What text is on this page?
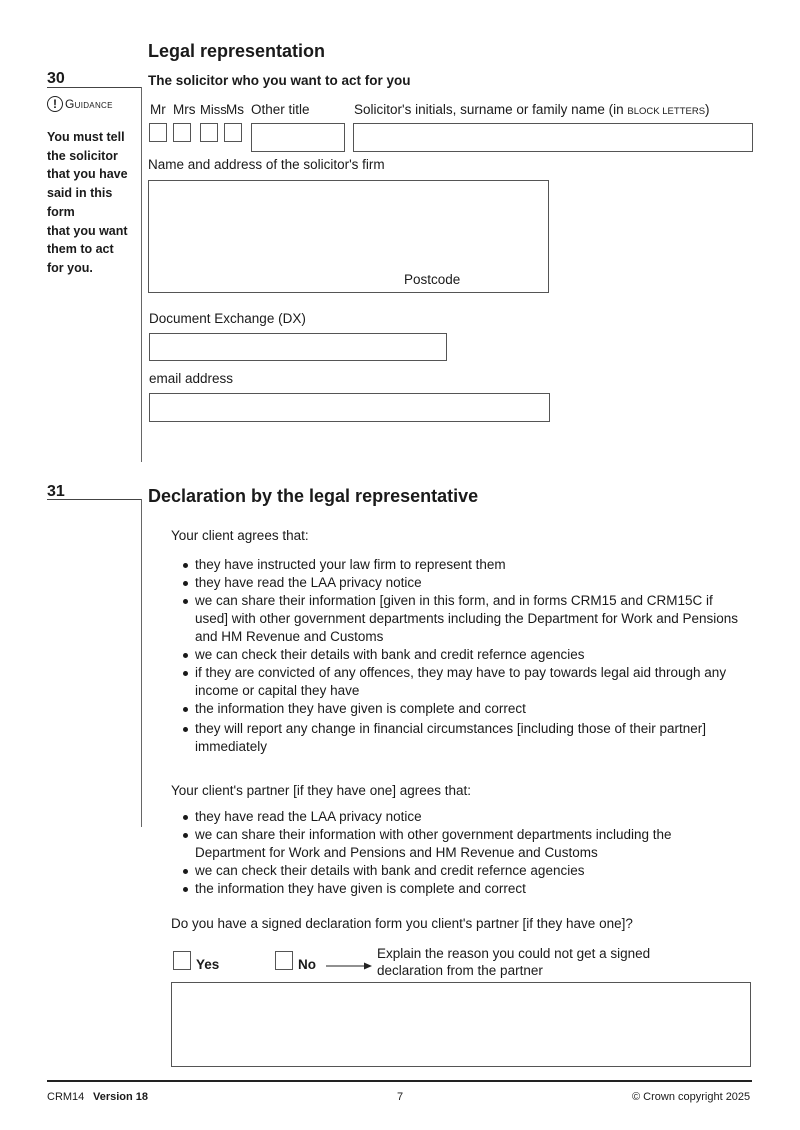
30
Legal representation
The solicitor who you want to act for you
! Guidance
You must tell
the solicitor
that you have
said in this form
that you want
them to act
for you.
Mr Mrs Miss Ms Other title	Solicitor's initials, surname or family name (in BLOCK LETTERS)
Name and address of the solicitor's firm
Postcode
Document Exchange (DX)
email address
31	Declaration by the legal representative
Your client agrees that:
they have instructed your law firm to represent them
they have read the LAA privacy notice
we can share their information [given in this form, and in forms CRM15 and CRM15C if used] with other government departments including the Department for Work and Pensions and HM Revenue and Customs
we can check their details with bank and credit refernce agencies
if they are convicted of any offences, they may have to pay towards legal aid through any income or capital they have
the information they have given is complete and correct
they will report any change in financial circumstances [including those of their partner] immediately
Your client's partner [if they have one] agrees that:
they have read the LAA privacy notice
we can share their information with other government departments including the Department for Work and Pensions and HM Revenue and Customs
we can check their details with bank and credit refernce agencies
the information they have given is complete and correct
Do you have a signed declaration form you client's partner [if they have one]?
Yes	No
Explain the reason you could not get a signed declaration from the partner
CRM14 Version 18	7	© Crown copyright 2025
